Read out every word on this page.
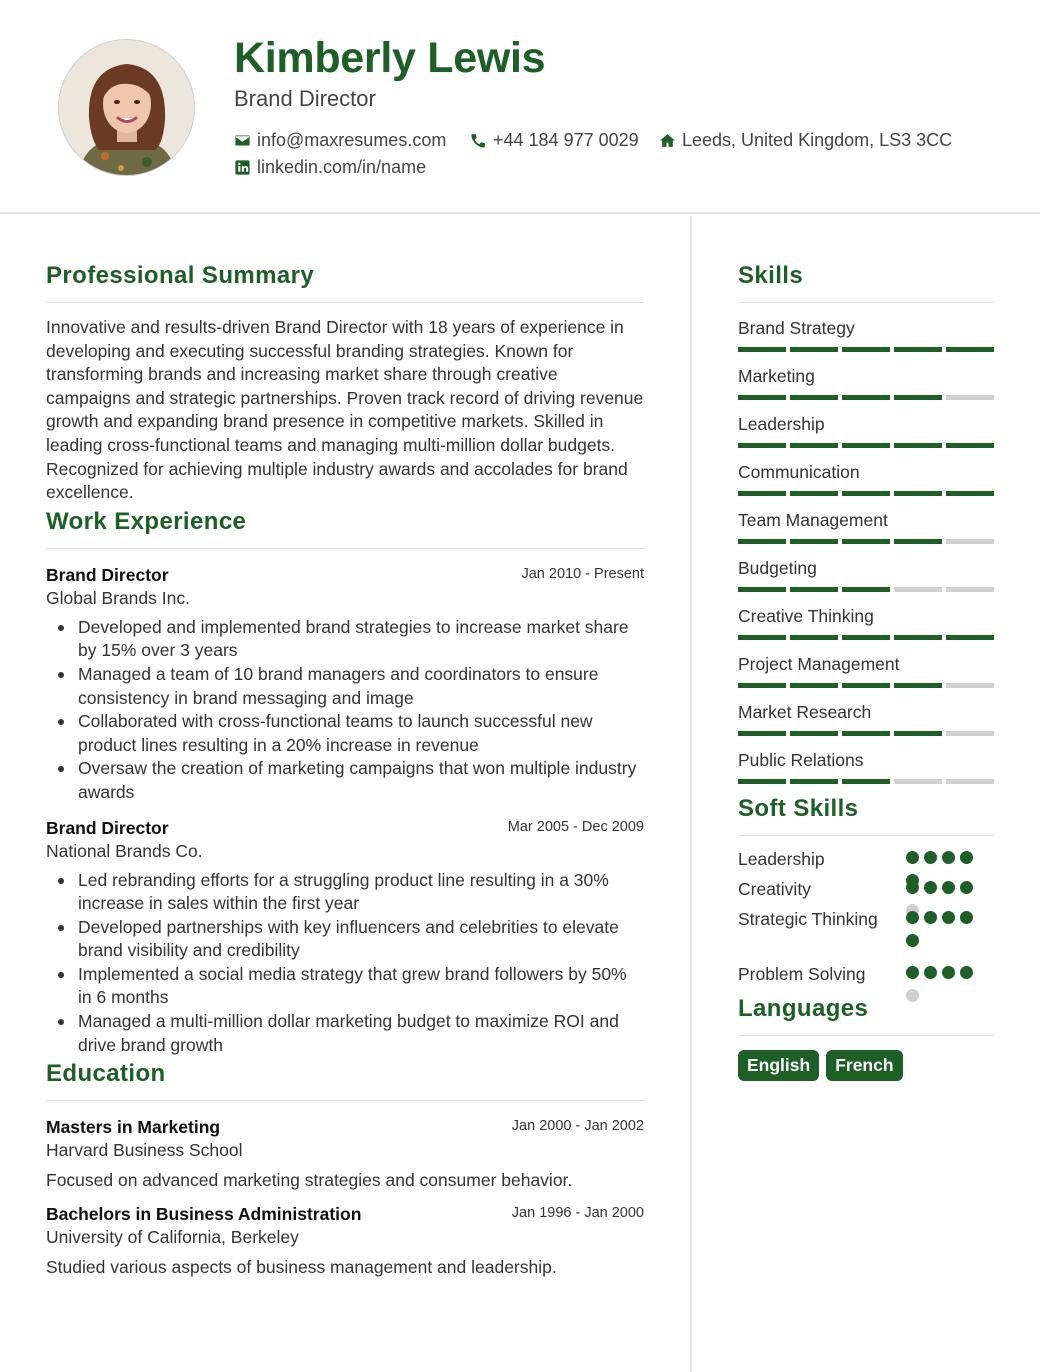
Kimberly Lewis
Brand Director
info@maxresumes.com	+44 184 977 0029 Leeds, United Kingdom, LS3 3CC
linkedin.com/in/name
Professional Summary

Innovative and results-driven Brand Director with 18 years of experience in developing and executing successful branding strategies. Known for transforming brands and increasing market share through creative campaigns and strategic partnerships. Proven track record of driving revenue growth and expanding brand presence in competitive markets. Skilled in leading cross-functional teams and managing multi-million dollar budgets. Recognized for achieving multiple industry awards and accolades for brand excellence.

Work Experience
Brand Director	Jan 2010 - Present
Global Brands Inc.
Developed and implemented brand strategies to increase market share by 15% over 3 years
Managed a team of 10 brand managers and coordinators to ensure consistency in brand messaging and image
Collaborated with cross-functional teams to launch successful new product lines resulting in a 20% increase in revenue
Oversaw the creation of marketing campaigns that won multiple industry awards
Brand Director	Mar 2005 - Dec 2009
National Brands Co.
Led rebranding efforts for a struggling product line resulting in a 30% increase in sales within the first year
Developed partnerships with key influencers and celebrities to elevate brand visibility and credibility
Implemented a social media strategy that grew brand followers by 50% in 6 months
Managed a multi-million dollar marketing budget to maximize ROI and drive brand growth
Education
Masters in Marketing	Jan 2000 - Jan 2002
Harvard Business School
Focused on advanced marketing strategies and consumer behavior.
Bachelors in Business Administration	Jan 1996 - Jan 2000
University of California, Berkeley
Studied various aspects of business management and leadership.
Skills
Brand Strategy
Marketing
Leadership
Communication
Team Management
Budgeting
Creative Thinking
Project Management
Market Research
Public Relations
Soft Skills
Leadership
Creativity
Strategic Thinking
Problem Solving
Languages
English	French
